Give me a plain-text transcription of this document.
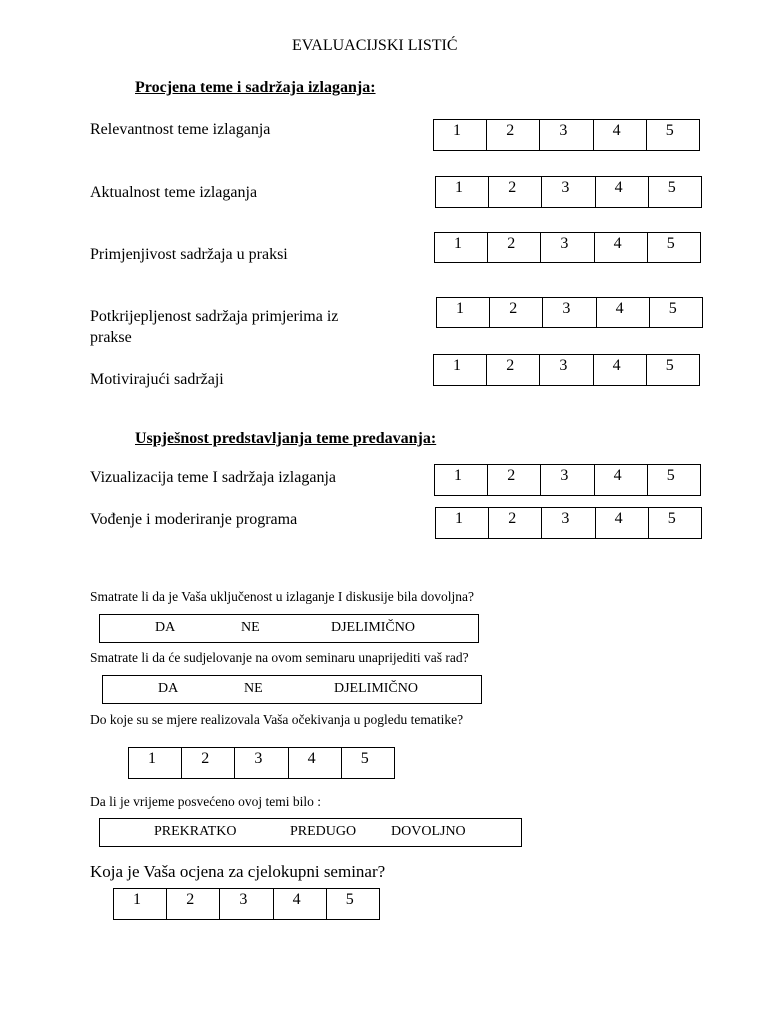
EVALUACIJSKI LISTIĆ
Procjena teme i sadržaja izlaganja:
Relevantnost teme izlaganja	1	2	3	4	5
Aktualnost teme izlaganja	1	2	3	4	5
Primjenjivost sadržaja u praksi
1	2	3	4	5
Potkrijepljenost sadržaja primjerima iz prakse
1	2	3	4	5
Motivirajući sadržaji
1	2	3	4	5
Uspješnost predstavljanja teme predavanja:
Vizualizacija teme I sadržaja izlaganja	1	2	3	4	5
Vođenje i moderiranje programa	1	2	3	4	5
Smatrate li da je Vaša uključenost u izlaganje I diskusije bila dovoljna?
DA	NE	DJELIMIČNO
Smatrate li da će sudjelovanje na ovom seminaru unaprijediti vaš rad?
DA	NE	DJELIMIČNO
Do koje su se mjere realizovala Vaša očekivanja u pogledu tematike?
1	2	3	4	5
Da li je vrijeme posvećeno ovoj temi bilo :
PREKRATKO	PREDUGO DOVOLJNO
Koja je Vaša ocjena za cjelokupni seminar?
1	2	3	4	5
